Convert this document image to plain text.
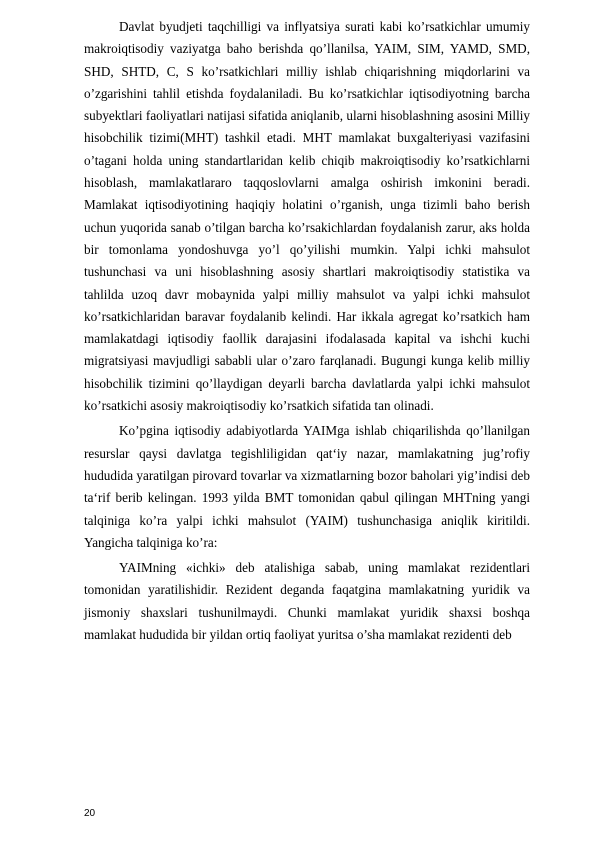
Davlat byudjeti taqchilligi va inflyatsiya surati kabi ko’rsatkichlar umumiy makroiqtisodiy vaziyatga baho berishda qo’llanilsa, YAIM, SIM, YAMD, SMD, SHD, SHTD, C, S ko’rsatkichlari milliy ishlab chiqarishning miqdorlarini va o’zgarishini tahlil etishda foydalaniladi. Bu ko’rsatkichlar iqtisodiyotning barcha subyektlari faoliyatlari natijasi sifatida aniqlanib, ularni hisoblashning asosini Milliy hisobchilik tizimi(MHT) tashkil etadi. MHT mamlakat buxgalteriyasi vazifasini o’tagani holda uning standartlaridan kelib chiqib makroiqtisodiy ko’rsatkichlarni hisoblash, mamlakatlararo taqqoslovlarni amalga oshirish imkonini beradi. Mamlakat iqtisodiyotining haqiqiy holatini o’rganish, unga tizimli baho berish uchun yuqorida sanab o’tilgan barcha ko’rsakichlardan foydalanish zarur, aks holda bir tomonlama yondoshuvga yo’l qo’yilishi mumkin. Yalpi ichki mahsulot tushunchasi va uni hisoblashning asosiy shartlari makroiqtisodiy statistika va tahlilda uzoq davr mobaynida yalpi milliy mahsulot va yalpi ichki mahsulot ko’rsatkichlaridan baravar foydalanib kelindi. Har ikkala agregat ko’rsatkich ham mamlakatdagi iqtisodiy faollik darajasini ifodalasada kapital va ishchi kuchi migratsiyasi mavjudligi sababli ular o’zaro farqlanadi. Bugungi kunga kelib milliy hisobchilik tizimini qo’llaydigan deyarli barcha davlatlarda yalpi ichki mahsulot ko’rsatkichi asosiy makroiqtisodiy ko’rsatkich sifatida tan olinadi.

Ko’pgina iqtisodiy adabiyotlarda YAIMga ishlab chiqarilishda qo’llanilgan resurslar qaysi davlatga tegishliligidan qat‘iy nazar, mamlakatning jug’rofiy hududida yaratilgan pirovard tovarlar va xizmatlarning bozor baholari yig’indisi deb ta‘rif berib kelingan. 1993 yilda BMT tomonidan qabul qilingan MHTning yangi talqiniga ko’ra yalpi ichki mahsulot (YAIM) tushunchasiga aniqlik kiritildi. Yangicha talqiniga ko’ra:

YAIMning «ichki» deb atalishiga sabab, uning mamlakat rezidentlari tomonidan yaratilishidir. Rezident deganda faqatgina mamlakatning yuridik va jismoniy shaxslari tushunilmaydi. Chunki mamlakat yuridik shaxsi boshqa mamlakat hududida bir yildan ortiq faoliyat yuritsa o’sha mamlakat rezidenti deb

20
